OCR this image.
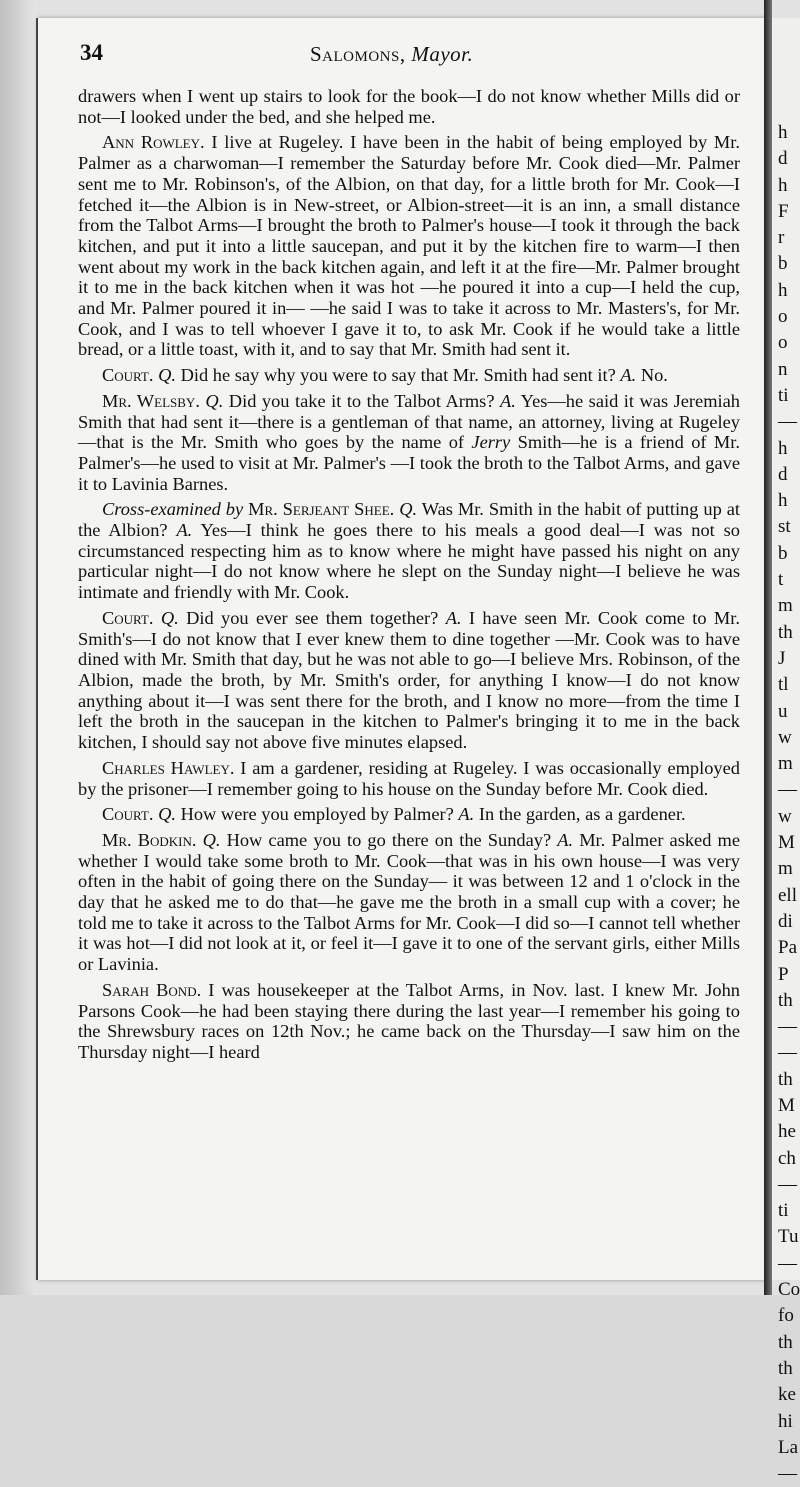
34	Salomons, Mayor.

drawers when I went up stairs to look for the book—I do not know whether Mills did or not—I looked under the bed, and she helped me.

Ann Rowley. I live at Rugeley. I have been in the habit of being employed by Mr. Palmer as a charwoman—I remember the Saturday before Mr. Cook died—Mr. Palmer sent me to Mr. Robinson's, of the Albion, on that day, for a little broth for Mr. Cook—I fetched it—the Albion is in New-street, or Albion-street—it is an inn, a small distance from the Talbot Arms—I brought the broth to Palmer's house—I took it through the back kitchen, and put it into a little saucepan, and put it by the kitchen fire to warm—I then went about my work in the back kitchen again, and left it at the fire—Mr. Palmer brought it to me in the back kitchen when it was hot —he poured it into a cup—I held the cup, and Mr. Palmer poured it in— —he said I was to take it across to Mr. Masters's, for Mr. Cook, and I was to tell whoever I gave it to, to ask Mr. Cook if he would take a little bread, or a little toast, with it, and to say that Mr. Smith had sent it.

Court. Q. Did he say why you were to say that Mr. Smith had sent it? A. No.

Mr. Welsby. Q. Did you take it to the Talbot Arms? A. Yes—he said it was Jeremiah Smith that had sent it—there is a gentleman of that name, an attorney, living at Rugeley—that is the Mr. Smith who goes by the name of Jerry Smith—he is a friend of Mr. Palmer's—he used to visit at Mr. Palmer's —I took the broth to the Talbot Arms, and gave it to Lavinia Barnes.

Cross-examined by Mr. Serjeant Shee. Q. Was Mr. Smith in the habit of putting up at the Albion? A. Yes—I think he goes there to his meals a good deal—I was not so circumstanced respecting him as to know where he might have passed his night on any particular night—I do not know where he slept on the Sunday night—I believe he was intimate and friendly with Mr. Cook.

Court. Q. Did you ever see them together? A. I have seen Mr. Cook come to Mr. Smith's—I do not know that I ever knew them to dine together —Mr. Cook was to have dined with Mr. Smith that day, but he was not able to go—I believe Mrs. Robinson, of the Albion, made the broth, by Mr. Smith's order, for anything I know—I do not know anything about it—I was sent there for the broth, and I know no more—from the time I left the broth in the saucepan in the kitchen to Palmer's bringing it to me in the back kitchen, I should say not above five minutes elapsed.

Charles Hawley. I am a gardener, residing at Rugeley. I was occasionally employed by the prisoner—I remember going to his house on the Sunday before Mr. Cook died.

Court. Q. How were you employed by Palmer? A. In the garden, as a gardener.

Mr. Bodkin. Q. How came you to go there on the Sunday? A. Mr. Palmer asked me whether I would take some broth to Mr. Cook—that was in his own house—I was very often in the habit of going there on the Sunday— it was between 12 and 1 o'clock in the day that he asked me to do that—he gave me the broth in a small cup with a cover; he told me to take it across to the Talbot Arms for Mr. Cook—I did so—I cannot tell whether it was hot—I did not look at it, or feel it—I gave it to one of the servant girls, either Mills or Lavinia.

Sarah Bond. I was housekeeper at the Talbot Arms, in Nov. last. I knew Mr. John Parsons Cook—he had been staying there during the last year—I remember his going to the Shrewsbury races on 12th Nov.; he came back on the Thursday—I saw him on the Thursday night—I heard

h
d
h
F
r
b
h
o
o
n
ti
—
h
d
h
st
b
t
m
th
J
tl
u
w
m
—
w
M
m
ell
di
Pa
P
th
—
—
th
M
he
ch
—
ti
Tu
—
Co
fo
th
th
ke
hi
La
—
